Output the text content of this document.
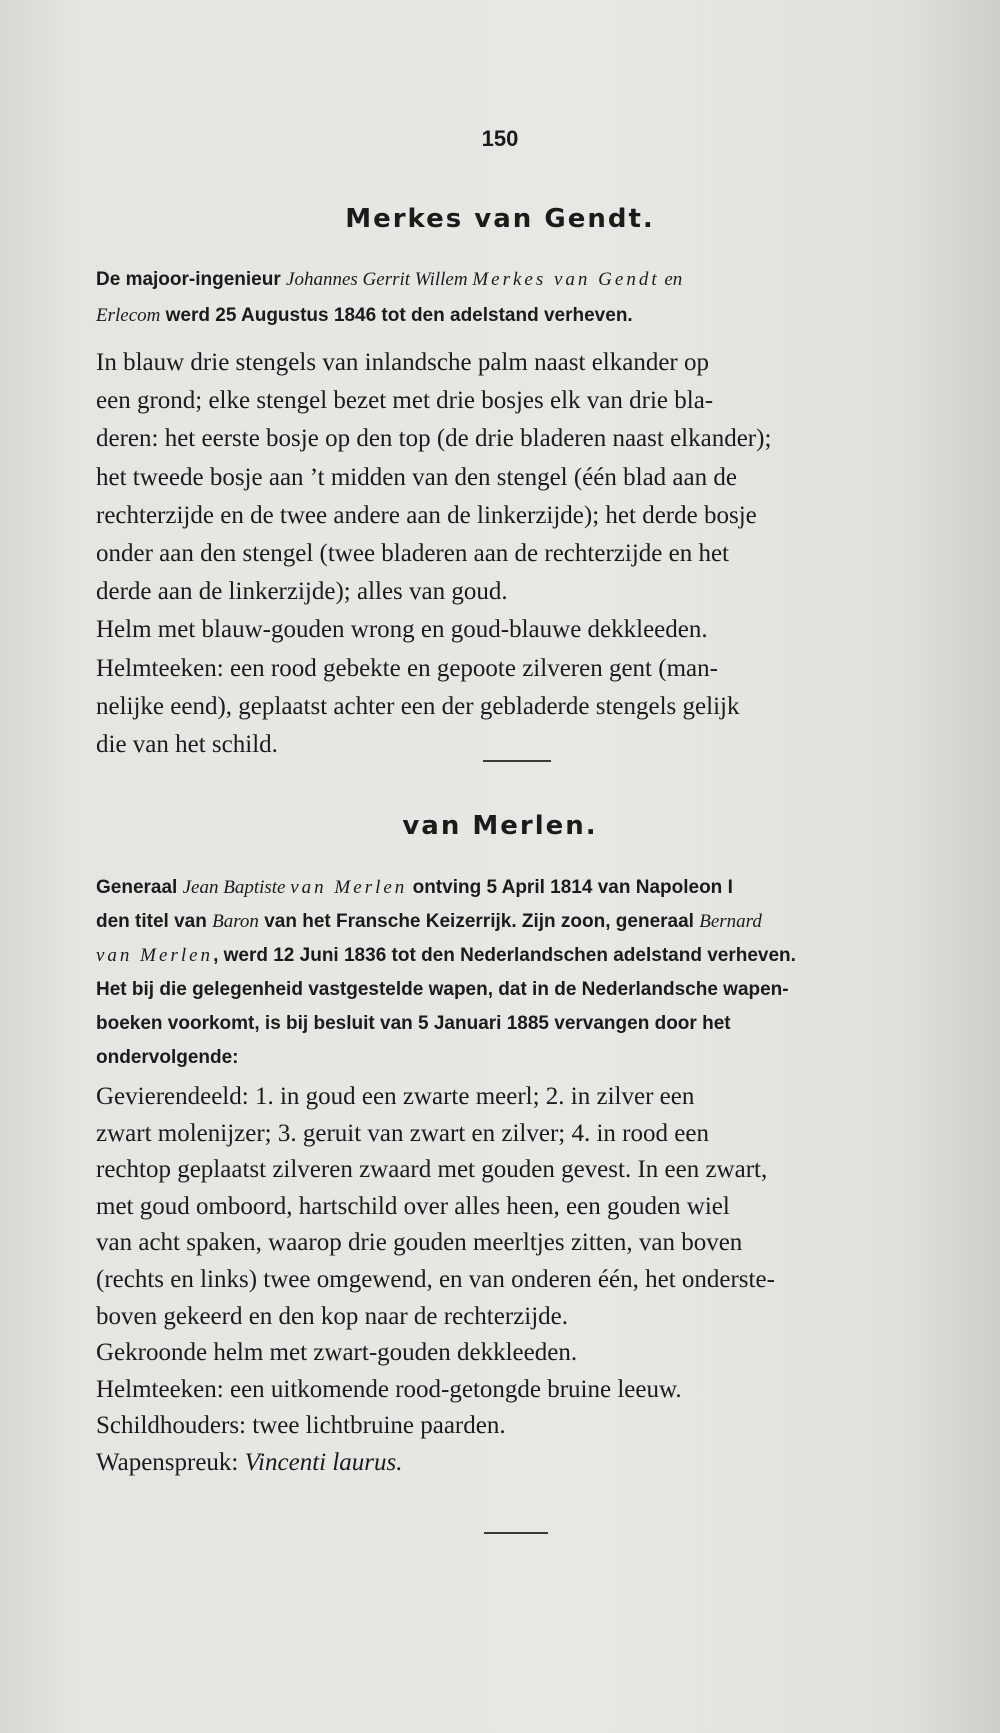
150
Merkes van Gendt.
De majoor-ingenieur Johannes Gerrit Willem Merkes van Gendt en
Erlecom werd 25 Augustus 1846 tot den adelstand verheven.
In blauw drie stengels van inlandsche palm naast elkander op
een grond; elke stengel bezet met drie bosjes elk van drie bla-
deren: het eerste bosje op den top (de drie bladeren naast elkander);
het tweede bosje aan ’t midden van den stengel (één blad aan de
rechterzijde en de twee andere aan de linkerzijde); het derde bosje
onder aan den stengel (twee bladeren aan de rechterzijde en het
derde aan de linkerzijde); alles van goud.
Helm met blauw-gouden wrong en goud-blauwe dekkleeden.
Helmteeken: een rood gebekte en gepoote zilveren gent (man-
nelijke eend), geplaatst achter een der gebladerde stengels gelijk
die van het schild.
van Merlen.
Generaal Jean Baptiste van Merlen ontving 5 April 1814 van Napoleon I
den titel van Baron van het Fransche Keizerrijk. Zijn zoon, generaal Bernard
van Merlen, werd 12 Juni 1836 tot den Nederlandschen adelstand verheven.
Het bij die gelegenheid vastgestelde wapen, dat in de Nederlandsche wapen-
boeken voorkomt, is bij besluit van 5 Januari 1885 vervangen door het
ondervolgende:
Gevierendeeld: 1. in goud een zwarte meerl; 2. in zilver een
zwart molenijzer; 3. geruit van zwart en zilver; 4. in rood een
rechtop geplaatst zilveren zwaard met gouden gevest. In een zwart,
met goud omboord, hartschild over alles heen, een gouden wiel
van acht spaken, waarop drie gouden meerltjes zitten, van boven
(rechts en links) twee omgewend, en van onderen één, het onderste-
boven gekeerd en den kop naar de rechterzijde.
Gekroonde helm met zwart-gouden dekkleeden.
Helmteeken: een uitkomende rood-getongde bruine leeuw.
Schildhouders: twee lichtbruine paarden.
Wapenspreuk: Vincenti laurus.
